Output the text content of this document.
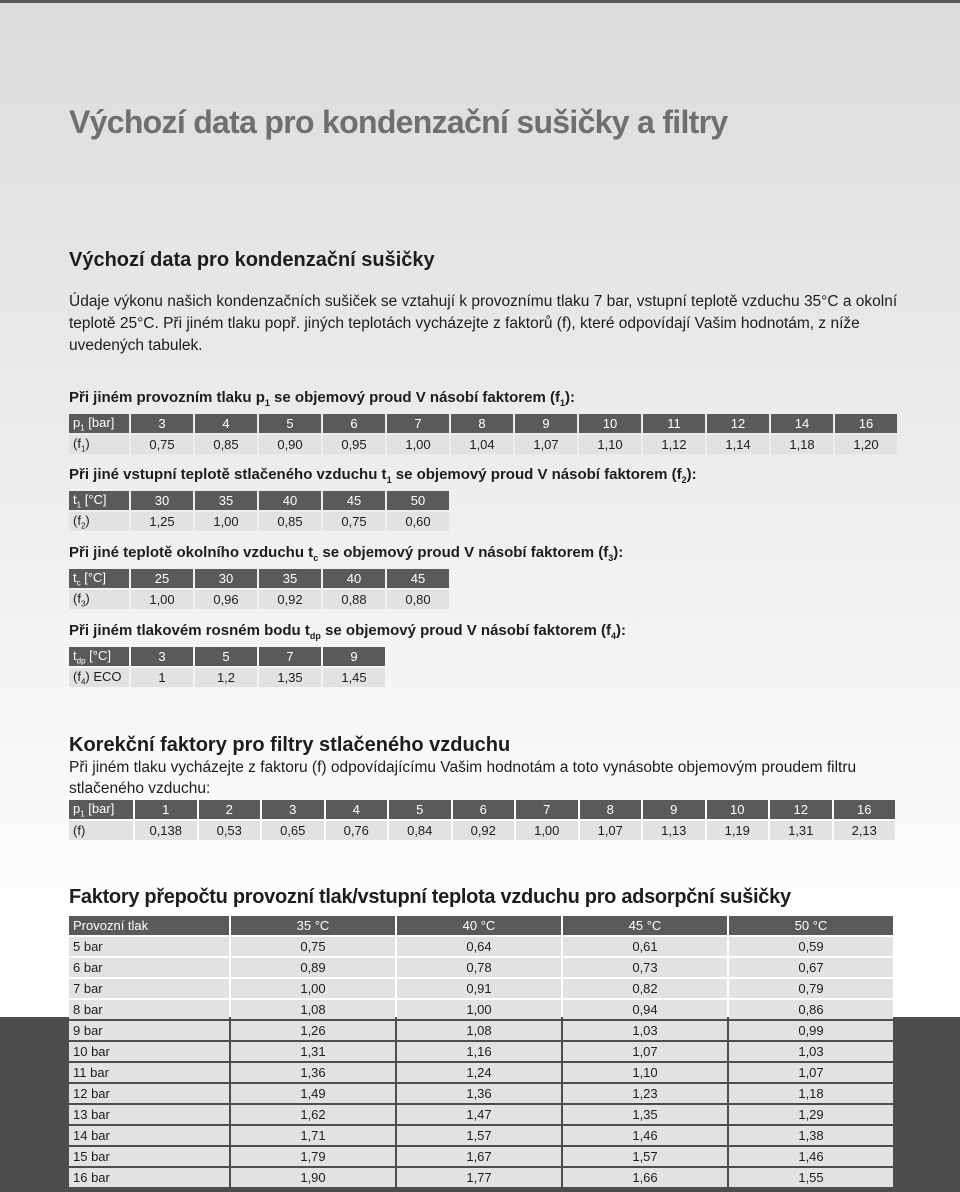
Výchozí data pro kondenzační sušičky a filtry
Výchozí data pro kondenzační sušičky
Údaje výkonu našich kondenzačních sušiček se vztahují k provoznímu tlaku 7 bar, vstupní teplotě vzduchu 35°C a okolní teplotě 25°C. Při jiném tlaku popř. jiných teplotách vycházejte z faktorů (f), které odpovídají Vašim hodnotám, z níže uvedených tabulek.
Při jiném provozním tlaku $p_1$ se objemový proud V násobí faktorem $(f_1)$:
$p_1$ [bar]	3	4	5	6	7	8	9	10	11	12	14	16
$(f_1)$	0,75	0,85	0,90	0,95	1,00	1,04	1,07	1,10	1,12	1,14	1,18	1,20
Při jiné vstupní teplotě stlačeného vzduchu $t_1$ se objemový proud V násobí faktorem $(f_2)$:
$t_1$ [°C]	30	35	40	45	50
$(f_2)$	1,25	1,00	0,85	0,75	0,60
Při jiné teplotě okolního vzduchu $t_c$ se objemový proud V násobí faktorem $(f_3)$:
$t_c$ [°C]	25	30	35	40	45
$(f_3)$	1,00	0,96	0,92	0,88	0,80
Při jiném tlakovém rosném bodu $t_{dp}$ se objemový proud V násobí faktorem $(f_4)$:
$t_{dp}$ [°C]	3	5	7	9
$(f_4)$ ECO	1	1,2	1,35	1,45
Korekční faktory pro filtry stlačeného vzduchu
Při jiném tlaku vycházejte z faktoru (f) odpovídajícímu Vašim hodnotám a toto vynásobte objemovým proudem filtru stlačeného vzduchu:
$p_1$ [bar]	1	2	3	4	5	6	7	8	9	10	12	16
(f)	0,138	0,53	0,65	0,76	0,84	0,92	1,00	1,07	1,13	1,19	1,31	2,13
Faktory přepočtu provozní tlak/vstupní teplota vzduchu pro adsorpční sušičky
Provozní tlak	35 °C	40 °C	45 °C	50 °C
5 bar	0,75	0,64	0,61	0,59
6 bar	0,89	0,78	0,73	0,67
7 bar	1,00	0,91	0,82	0,79
8 bar	1,08	1,00	0,94	0,86
9 bar	1,26	1,08	1,03	0,99
10 bar	1,31	1,16	1,07	1,03
11 bar	1,36	1,24	1,10	1,07
12 bar	1,49	1,36	1,23	1,18
13 bar	1,62	1,47	1,35	1,29
14 bar	1,71	1,57	1,46	1,38
15 bar	1,79	1,67	1,57	1,46
16 bar	1,90	1,77	1,66	1,55
